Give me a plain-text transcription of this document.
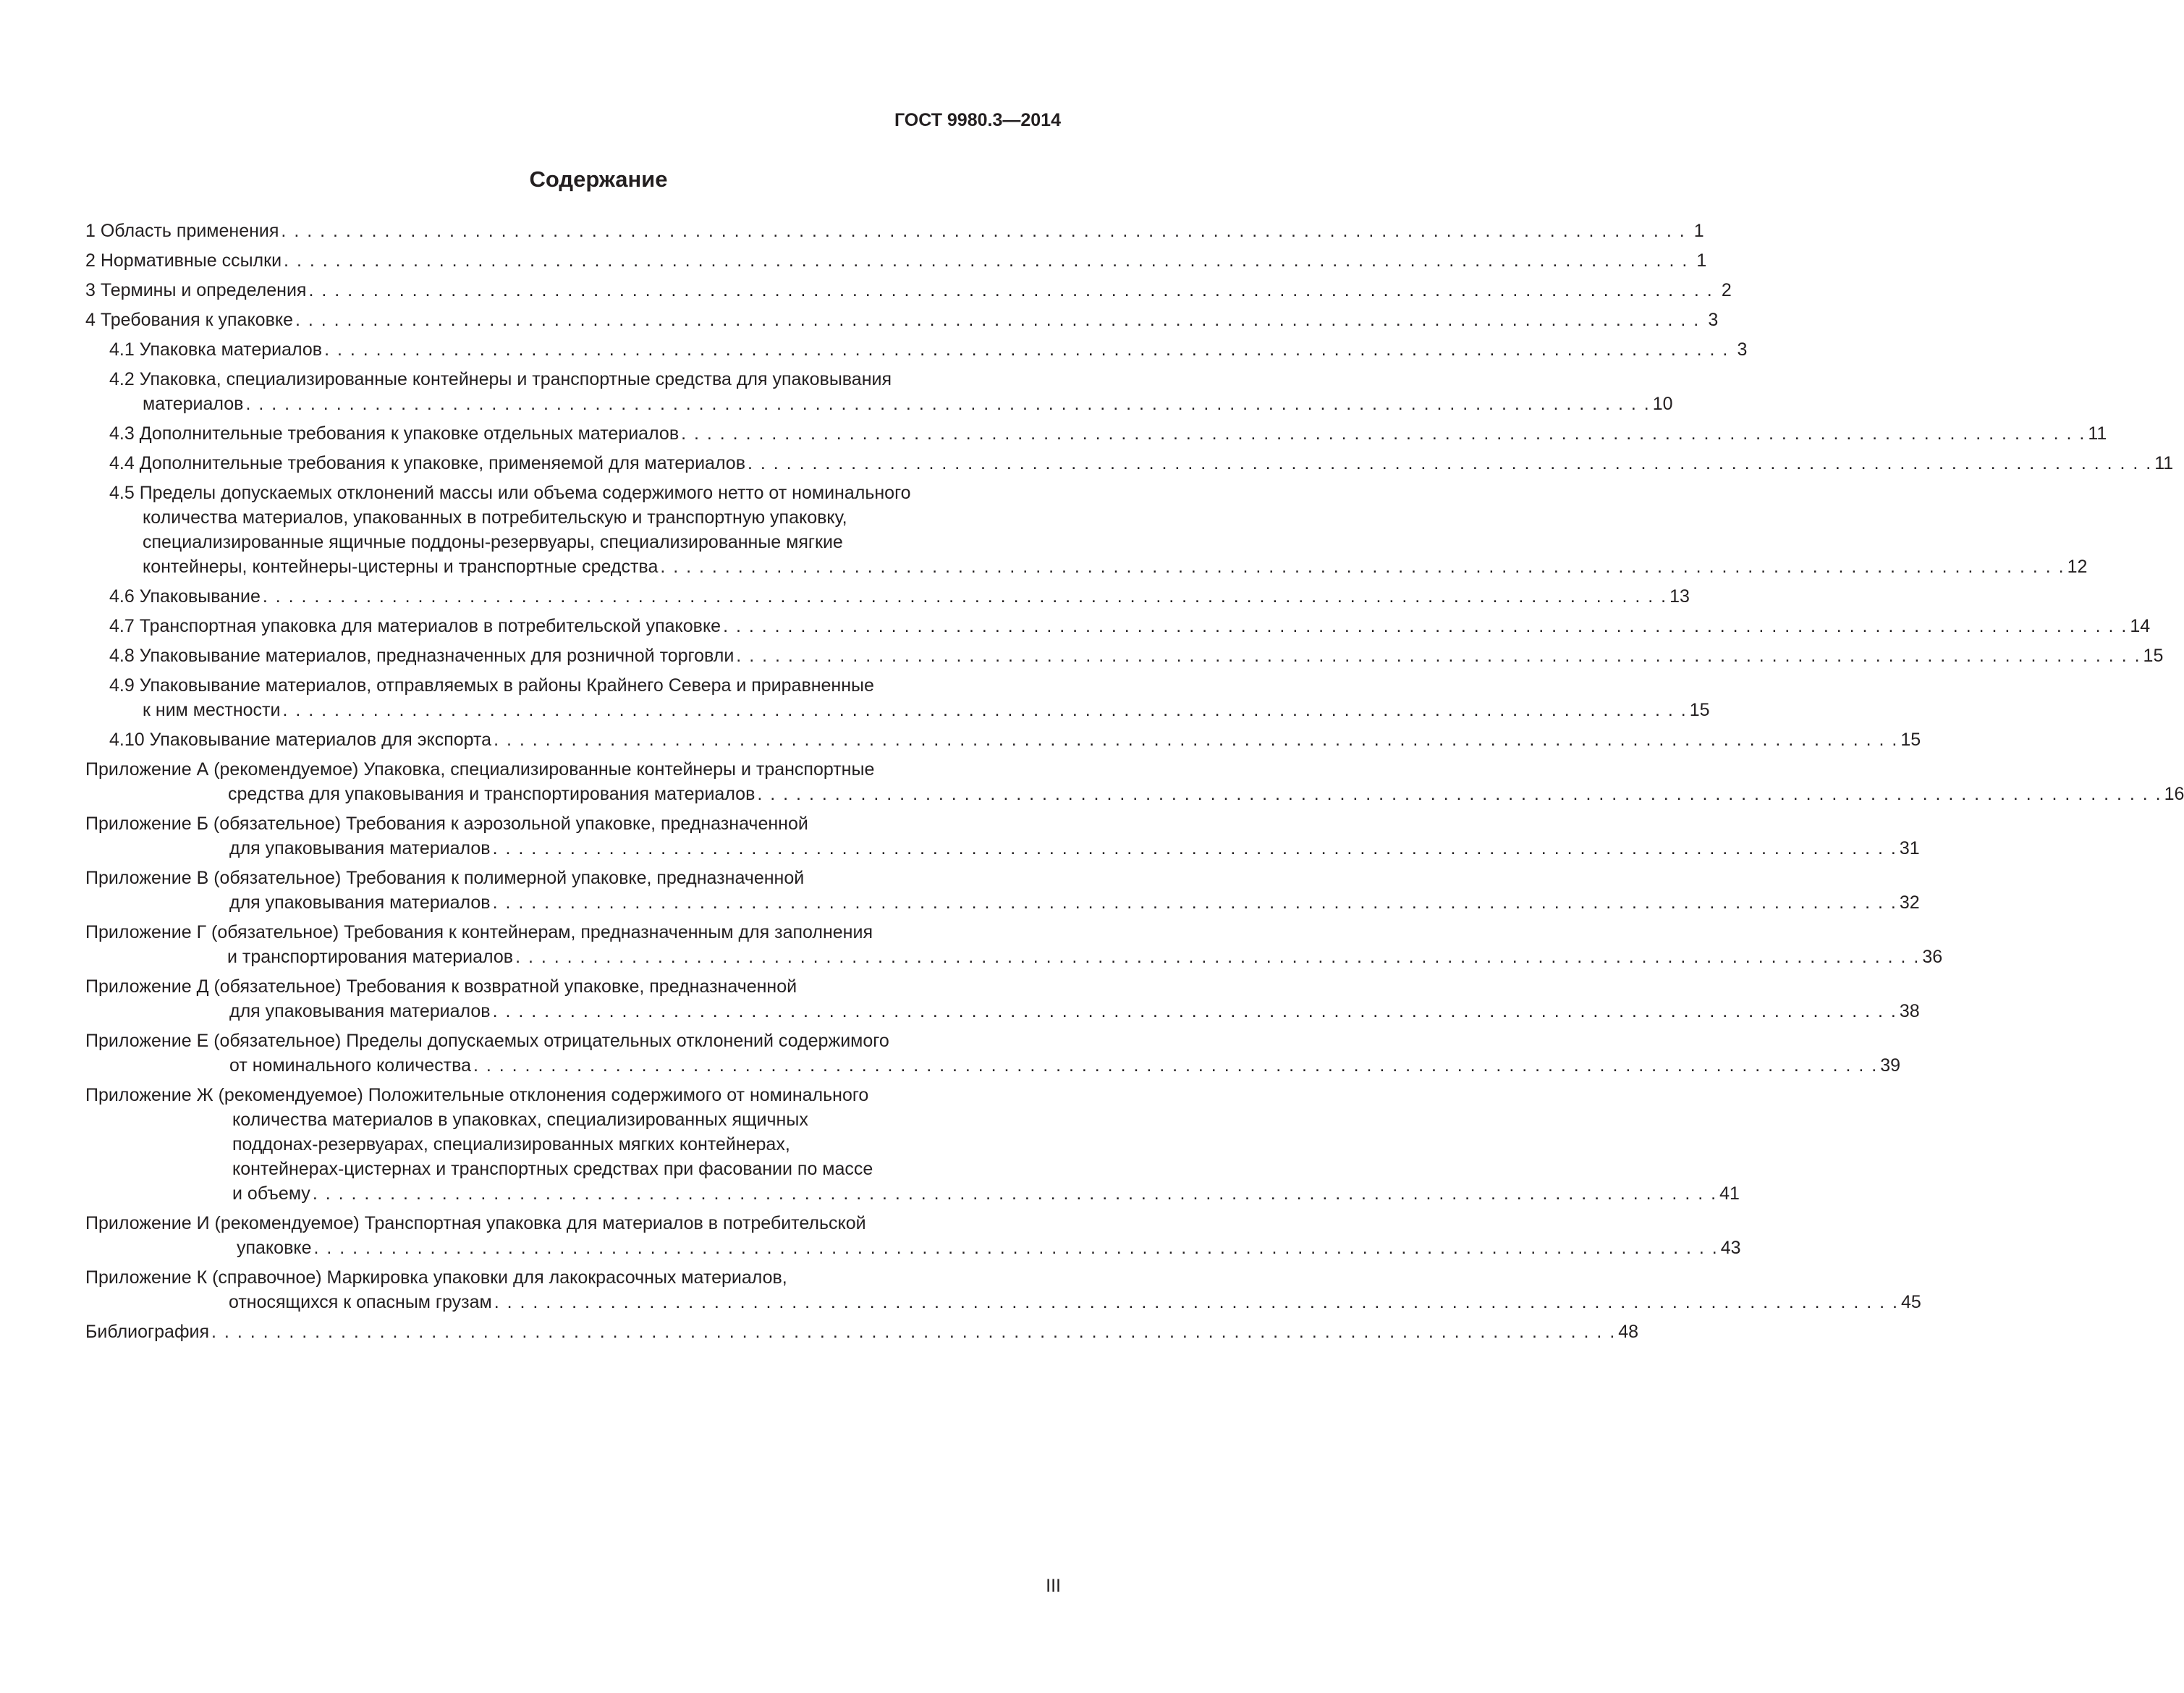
ГОСТ 9980.3—2014

Содержание
1 Область применения . . . . . . . . . . . . . . . . . . . . . . . . . . . . . . . . . . . . . . . . . . . . . . . . . . . . . . . . . . . . . . . . . . . . . . . . . . . . . . . . . . . . . . . . . . . . . . . . . . . . . . . . . . . . . 1
2 Нормативные ссылки . . . . . . . . . . . . . . . . . . . . . . . . . . . . . . . . . . . . . . . . . . . . . . . . . . . . . . . . . . . . . . . . . . . . . . . . . . . . . . . . . . . . . . . . . . . . . . . . . . . . . . . . . . . . . 1
3 Термины и определения . . . . . . . . . . . . . . . . . . . . . . . . . . . . . . . . . . . . . . . . . . . . . . . . . . . . . . . . . . . . . . . . . . . . . . . . . . . . . . . . . . . . . . . . . . . . . . . . . . . . . . . . . . . . . 2
4 Требования к упаковке . . . . . . . . . . . . . . . . . . . . . . . . . . . . . . . . . . . . . . . . . . . . . . . . . . . . . . . . . . . . . . . . . . . . . . . . . . . . . . . . . . . . . . . . . . . . . . . . . . . . . . . . . . . . . 3
4.1 Упаковка материалов . . . . . . . . . . . . . . . . . . . . . . . . . . . . . . . . . . . . . . . . . . . . . . . . . . . . . . . . . . . . . . . . . . . . . . . . . . . . . . . . . . . . . . . . . . . . . . . . . . . . . . . . . . . . . 3
4.2 Упаковка, специализированные контейнеры и транспортные средства для упаковывания
материалов . . . . . . . . . . . . . . . . . . . . . . . . . . . . . . . . . . . . . . . . . . . . . . . . . . . . . . . . . . . . . . . . . . . . . . . . . . . . . . . . . . . . . . . . . . . . . . . . . . . . . . . . . . . . . 10
4.3 Дополнительные требования к упаковке отдельных материалов . . . . . . . . . . . . . . . . . . . . . . . . . . . . . . . . . . . . . . . . . . . . . . . . . . . . . . . . . . . . . . . . . . . . . . . . . . . . . . . . . . . . . . . . . . . . . . . . . . . . . . . . . . . . . 11
4.4 Дополнительные требования к упаковке, применяемой для материалов . . . . . . . . . . . . . . . . . . . . . . . . . . . . . . . . . . . . . . . . . . . . . . . . . . . . . . . . . . . . . . . . . . . . . . . . . . . . . . . . . . . . . . . . . . . . . . . . . . . . . . . . . . . . . 11
4.5 Пределы допускаемых отклонений массы или объема содержимого нетто от номинального
количества материалов, упакованных в потребительскую и транспортную упаковку,
специализированные ящичные поддоны-резервуары, специализированные мягкие
контейнеры, контейнеры-цистерны и транспортные средства . . . . . . . . . . . . . . . . . . . . . . . . . . . . . . . . . . . . . . . . . . . . . . . . . . . . . . . . . . . . . . . . . . . . . . . . . . . . . . . . . . . . . . . . . . . . . . . . . . . . . . . . . . . . . 12
4.6 Упаковывание . . . . . . . . . . . . . . . . . . . . . . . . . . . . . . . . . . . . . . . . . . . . . . . . . . . . . . . . . . . . . . . . . . . . . . . . . . . . . . . . . . . . . . . . . . . . . . . . . . . . . . . . . . . . . 13
4.7 Транспортная упаковка для материалов в потребительской упаковке . . . . . . . . . . . . . . . . . . . . . . . . . . . . . . . . . . . . . . . . . . . . . . . . . . . . . . . . . . . . . . . . . . . . . . . . . . . . . . . . . . . . . . . . . . . . . . . . . . . . . . . . . . . . . 14
4.8 Упаковывание материалов, предназначенных для розничной торговли . . . . . . . . . . . . . . . . . . . . . . . . . . . . . . . . . . . . . . . . . . . . . . . . . . . . . . . . . . . . . . . . . . . . . . . . . . . . . . . . . . . . . . . . . . . . . . . . . . . . . . . . . . . . . 15
4.9 Упаковывание материалов, отправляемых в районы Крайнего Севера и приравненные
к ним местности . . . . . . . . . . . . . . . . . . . . . . . . . . . . . . . . . . . . . . . . . . . . . . . . . . . . . . . . . . . . . . . . . . . . . . . . . . . . . . . . . . . . . . . . . . . . . . . . . . . . . . . . . . . . . 15
4.10 Упаковывание материалов для экспорта . . . . . . . . . . . . . . . . . . . . . . . . . . . . . . . . . . . . . . . . . . . . . . . . . . . . . . . . . . . . . . . . . . . . . . . . . . . . . . . . . . . . . . . . . . . . . . . . . . . . . . . . . . . . . 15
Приложение А (рекомендуемое) Упаковка, специализированные контейнеры и транспортные
средства для упаковывания и транспортирования материалов . . . . . . . . . . . . . . . . . . . . . . . . . . . . . . . . . . . . . . . . . . . . . . . . . . . . . . . . . . . . . . . . . . . . . . . . . . . . . . . . . . . . . . . . . . . . . . . . . . . . . . . . . . . . . 16
Приложение Б (обязательное) Требования к аэрозольной упаковке, предназначенной
для упаковывания материалов . . . . . . . . . . . . . . . . . . . . . . . . . . . . . . . . . . . . . . . . . . . . . . . . . . . . . . . . . . . . . . . . . . . . . . . . . . . . . . . . . . . . . . . . . . . . . . . . . . . . . . . . . . . . . 31
Приложение В (обязательное) Требования к полимерной упаковке, предназначенной
для упаковывания материалов . . . . . . . . . . . . . . . . . . . . . . . . . . . . . . . . . . . . . . . . . . . . . . . . . . . . . . . . . . . . . . . . . . . . . . . . . . . . . . . . . . . . . . . . . . . . . . . . . . . . . . . . . . . . . 32
Приложение Г (обязательное) Требования к контейнерам, предназначенным для заполнения
и транспортирования материалов . . . . . . . . . . . . . . . . . . . . . . . . . . . . . . . . . . . . . . . . . . . . . . . . . . . . . . . . . . . . . . . . . . . . . . . . . . . . . . . . . . . . . . . . . . . . . . . . . . . . . . . . . . . . . 36
Приложение Д (обязательное) Требования к возвратной упаковке, предназначенной
для упаковывания материалов . . . . . . . . . . . . . . . . . . . . . . . . . . . . . . . . . . . . . . . . . . . . . . . . . . . . . . . . . . . . . . . . . . . . . . . . . . . . . . . . . . . . . . . . . . . . . . . . . . . . . . . . . . . . . 38
Приложение Е (обязательное) Пределы допускаемых отрицательных отклонений содержимого
от номинального количества . . . . . . . . . . . . . . . . . . . . . . . . . . . . . . . . . . . . . . . . . . . . . . . . . . . . . . . . . . . . . . . . . . . . . . . . . . . . . . . . . . . . . . . . . . . . . . . . . . . . . . . . . . . . . 39
Приложение Ж (рекомендуемое) Положительные отклонения содержимого от номинального
количества материалов в упаковках, специализированных ящичных
поддонах-резервуарах, специализированных мягких контейнерах,
контейнерах-цистернах и транспортных средствах при фасовании по массе
и объему . . . . . . . . . . . . . . . . . . . . . . . . . . . . . . . . . . . . . . . . . . . . . . . . . . . . . . . . . . . . . . . . . . . . . . . . . . . . . . . . . . . . . . . . . . . . . . . . . . . . . . . . . . . . . 41
Приложение И (рекомендуемое) Транспортная упаковка для материалов в потребительской
упаковке . . . . . . . . . . . . . . . . . . . . . . . . . . . . . . . . . . . . . . . . . . . . . . . . . . . . . . . . . . . . . . . . . . . . . . . . . . . . . . . . . . . . . . . . . . . . . . . . . . . . . . . . . . . . . 43
Приложение К (справочное) Маркировка упаковки для лакокрасочных материалов,
относящихся к опасным грузам . . . . . . . . . . . . . . . . . . . . . . . . . . . . . . . . . . . . . . . . . . . . . . . . . . . . . . . . . . . . . . . . . . . . . . . . . . . . . . . . . . . . . . . . . . . . . . . . . . . . . . . . . . . . . 45
Библиография . . . . . . . . . . . . . . . . . . . . . . . . . . . . . . . . . . . . . . . . . . . . . . . . . . . . . . . . . . . . . . . . . . . . . . . . . . . . . . . . . . . . . . . . . . . . . . . . . . . . . . . . . . . . . 48

III
